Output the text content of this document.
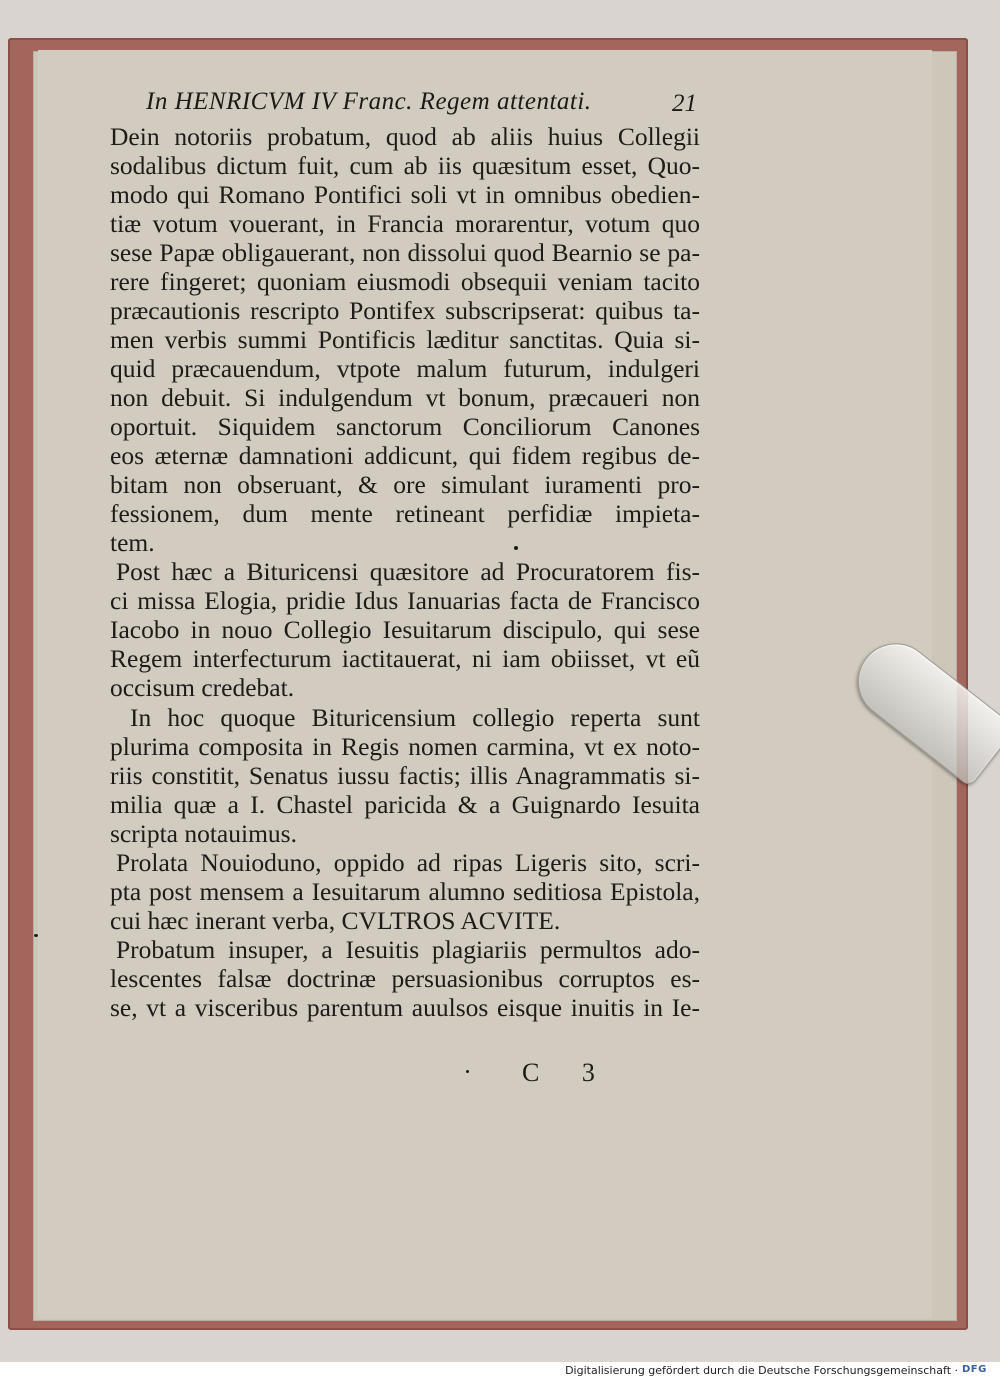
In HENRICVM IV Franc. Regem attentati.	21
Dein notoriis probatum, quod ab aliis huius Collegii
sodalibus dictum fuit, cum ab iis quæsitum esset, Quo-
modo qui Romano Pontifici soli vt in omnibus obedien-
tiæ votum vouerant, in Francia morarentur, votum quo
sese Papæ obligauerant, non dissolui quod Bearnio se pa-
rere fingeret; quoniam eiusmodi obsequii veniam tacito
præcautionis rescripto Pontifex subscripserat: quibus ta-
men verbis summi Pontificis læditur sanctitas. Quia si-
quid præcauendum, vtpote malum futurum, indulgeri
non debuit. Si indulgendum vt bonum, præcaueri non
oportuit. Siquidem sanctorum Conciliorum Canones
eos æternæ damnationi addicunt, qui fidem regibus de-
bitam non obseruant, & ore simulant iuramenti pro-
fessionem, dum mente retineant perfidiæ impieta-
tem.
Post hæc a Bituricensi quæsitore ad Procuratorem fis-
ci missa Elogia, pridie Idus Ianuarias facta de Francisco
Iacobo in nouo Collegio Iesuitarum discipulo, qui sese
Regem interfecturum iactitauerat, ni iam obiisset, vt eũ
occisum credebat.
In hoc quoque Bituricensium collegio reperta sunt
plurima composita in Regis nomen carmina, vt ex noto-
riis constitit, Senatus iussu factis; illis Anagrammatis si-
milia quæ a I. Chastel paricida & a Guignardo Iesuita
scripta notauimus.
Prolata Nouioduno, oppido ad ripas Ligeris sito, scri-
pta post mensem a Iesuitarum alumno seditiosa Epistola,
cui hæc inerant verba, CVLTROS ACVITE.
Probatum insuper, a Iesuitis plagiariis permultos ado-
lescentes falsæ doctrinæ persuasionibus corruptos es-
se, vt a visceribus parentum auulsos eisque inuitis in Ie-
C 3
Digitalisierung gefördert durch die Deutsche Forschungsgemeinschaft · DFG
